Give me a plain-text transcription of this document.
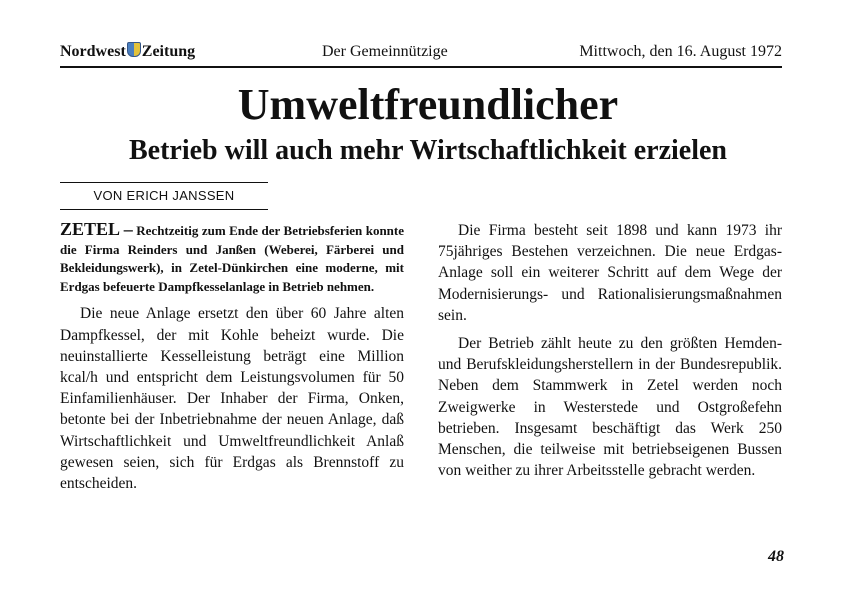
Nordwest Zeitung	Der Gemeinnützige	Mittwoch, den 16. August 1972
Umweltfreundlicher
Betrieb will auch mehr Wirtschaftlichkeit erzielen
VON ERICH JANSSEN
ZETEL – Rechtzeitig zum Ende der Betriebsferien konnte die Firma Reinders und Janßen (Weberei, Färberei und Bekleidungswerk), in Zetel-Dünkirchen eine moderne, mit Erdgas befeuerte Dampfkesselanlage in Betrieb nehmen.

Die neue Anlage ersetzt den über 60 Jahre alten Dampfkessel, der mit Kohle beheizt wurde. Die neuinstallierte Kesselleistung beträgt eine Million kcal/h und entspricht dem Leistungsvolumen für 50 Einfamilienhäuser. Der Inhaber der Firma, Onken, betonte bei der Inbetriebnahme der neuen Anlage, daß Wirtschaftlichkeit und Umweltfreundlichkeit Anlaß gewesen seien, sich für Erdgas als Brennstoff zu entscheiden.

Die Firma besteht seit 1898 und kann 1973 ihr 75jähriges Bestehen verzeichnen. Die neue Erdgas-Anlage soll ein weiterer Schritt auf dem Wege der Modernisierungs- und Rationalisierungsmaßnahmen sein.

Der Betrieb zählt heute zu den größten Hemden- und Berufskleidungsherstellern in der Bundesrepublik. Neben dem Stammwerk in Zetel werden noch Zweigwerke in Westerstede und Ostgroßefehn betrieben. Insgesamt beschäftigt das Werk 250 Menschen, die teilweise mit betriebseigenen Bussen von weither zu ihrer Arbeitsstelle gebracht werden.

48
